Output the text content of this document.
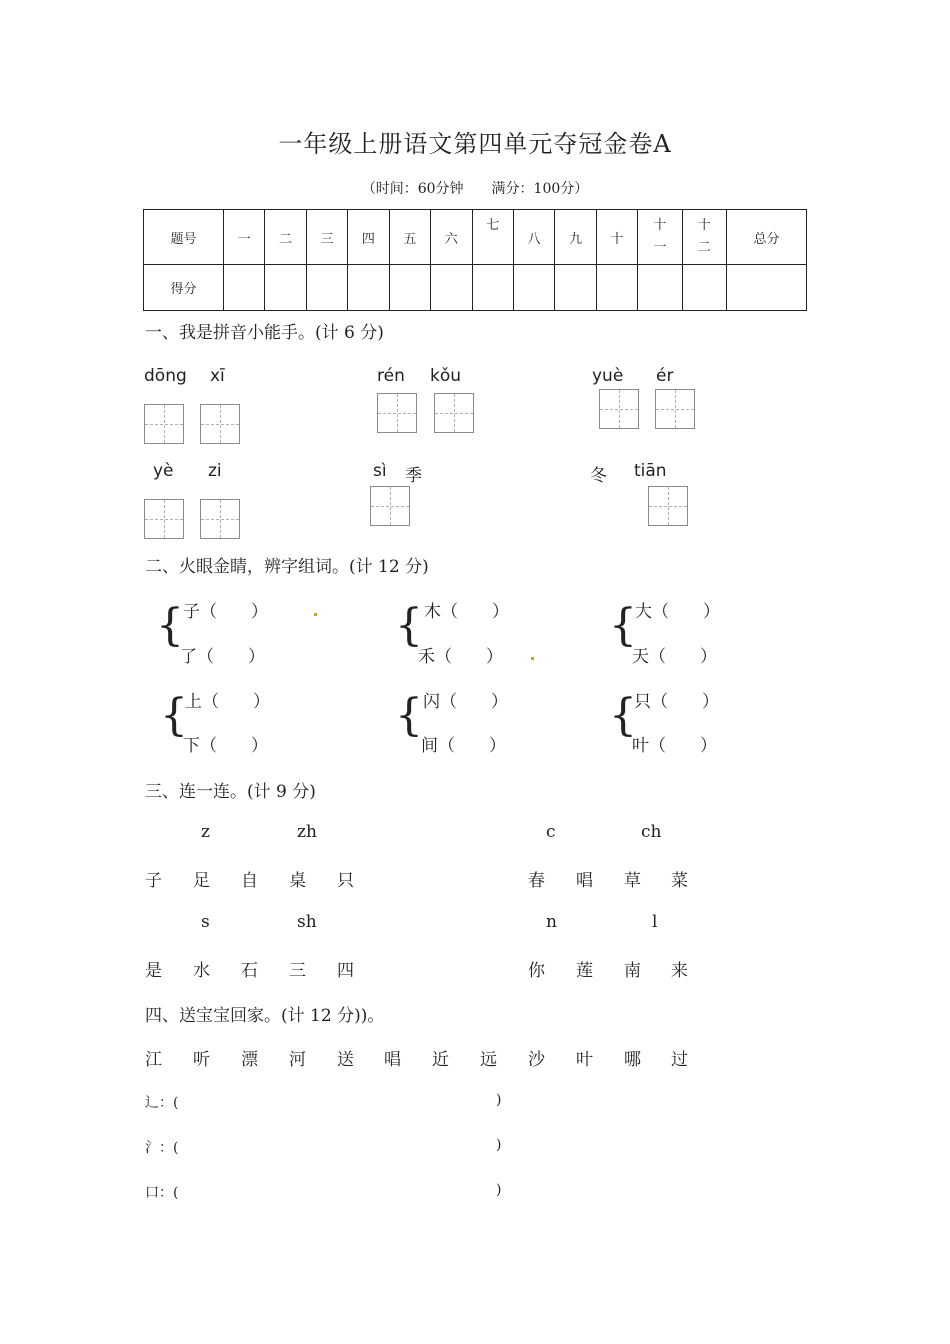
一年级上册语文第四单元夺冠金卷A
（时间：60分钟　　满分：100分）
题号	一	二	三	四	五	六	七	八	九	十	十一	十二	总分
得分													
一、我是拼音小能手。(计 6 分)
dōng xī	rén kǒu	yuè ér
yè zi	sì 季	冬 tiān
二、火眼金睛，辨字组词。(计 12 分)
{ 子（　　）
了（　　）
{ 木（　　）
禾（　　）
{
大（　　）
天（　　）
{
上（　　）
下（　　）
{ 闪（　　）
间（　　）
{
只（　　）
叶（　　）
三、连一连。(计 9 分)
z	zh	c	ch
子 足 自 桌 只	春 唱 草 菜
s	sh	n	l
是 水 石 三 四	你 莲 南 来
四、送宝宝回家。(计 12 分))。
江 听 漂 河 送 唱 近 远 沙 叶 哪 过
辶：(	)
氵：(	)
口：(	)
